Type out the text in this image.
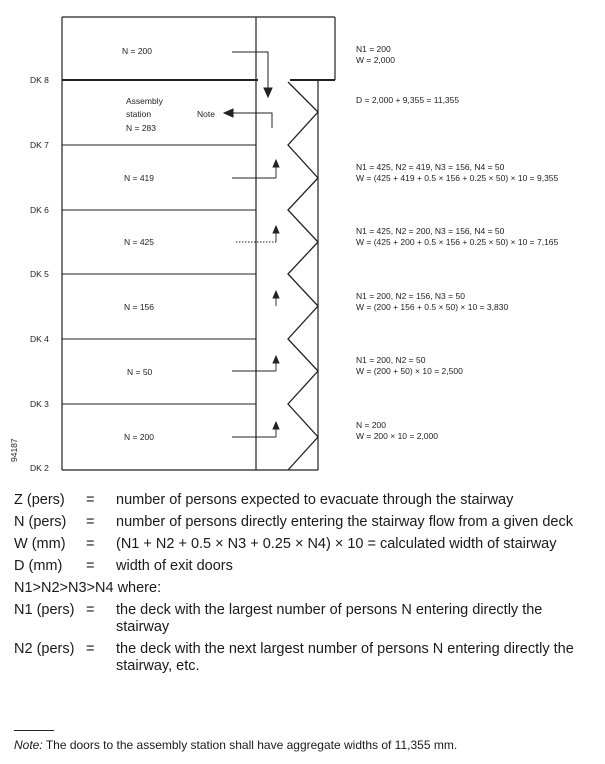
DK 8
DK 7
DK 6
DK 5
DK 4
DK 3
DK 2
94187
N = 200
Assembly
station
N = 283
Note
N = 419
N = 425
N = 156
N = 50
N = 200
N1 = 200
W = 2,000
D = 2,000 + 9,355 = 11,355
N1 = 425, N2 = 419, N3 = 156, N4 = 50
W = (425 + 419 + 0.5 × 156 + 0.25 × 50) × 10 = 9,355
N1 = 425, N2 = 200, N3 = 156, N4 = 50
W = (425 + 200 + 0.5 × 156 + 0.25 × 50) × 10 = 7,165
N1 = 200, N2 = 156, N3 = 50
W = (200 + 156 + 0.5 × 50) × 10 = 3,830
N1 = 200, N2 = 50
W = (200 + 50) × 10 = 2,500
N = 200
W = 200 × 10 = 2,000
Z (pers)	=	number of persons expected to evacuate through the stairway
N (pers)	=	number of persons directly entering the stairway flow from a given deck
W (mm)	=	(N1 + N2 + 0.5 × N3 + 0.25 × N4) × 10 = calculated width of stairway
D (mm)	=	width of exit doors
N1>N2>N3>N4 where:
N1 (pers) =	the deck with the largest number of persons N entering directly the stairway
N2 (pers) =	the deck with the next largest number of persons N entering directly the stairway, etc.
Note: The doors to the assembly station shall have aggregate widths of 11,355 mm.
